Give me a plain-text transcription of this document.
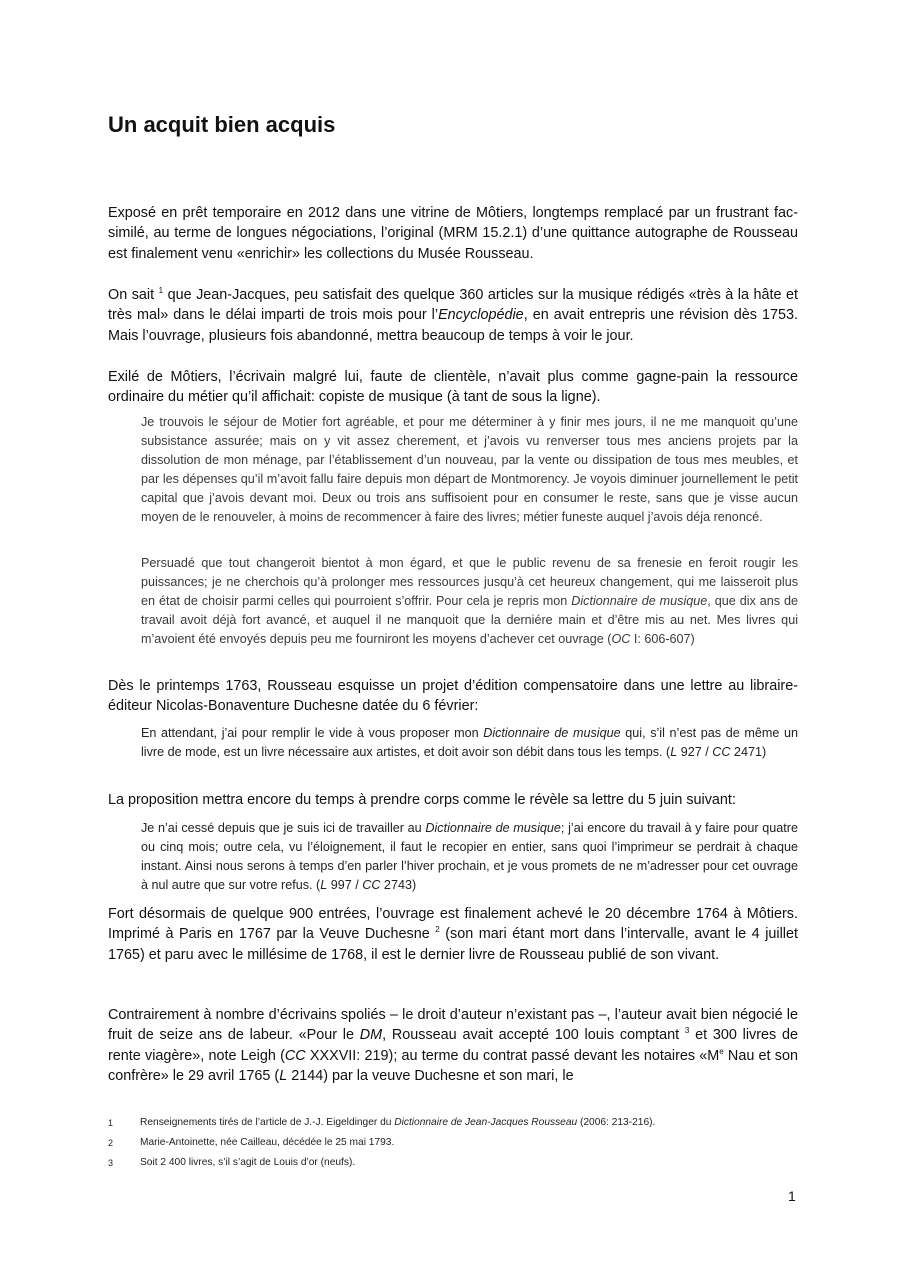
Un acquit bien acquis

Exposé en prêt temporaire en 2012 dans une vitrine de Môtiers, longtemps remplacé par un frustrant fac-similé, au terme de longues négociations, l’original (MRM 15.2.1) d’une quittance autographe de Rousseau est finalement venu «enrichir» les collections du Musée Rousseau.

On sait $^1$ que Jean-Jacques, peu satisfait des quelque 360 articles sur la musique rédigés «très à la hâte et très mal» dans le délai imparti de trois mois pour l’Encyclopédie, en avait entrepris une révision dès 1753. Mais l’ouvrage, plusieurs fois abandonné, mettra beaucoup de temps à voir le jour.

Exilé de Môtiers, l’écrivain malgré lui, faute de clientèle, n’avait plus comme gagne-pain la ressource ordinaire du métier qu’il affichait: copiste de musique (à tant de sous la ligne).

Je trouvois le séjour de Motier fort agréable, et pour me déterminer à y finir mes jours, il ne me manquoit qu’une subsistance assurée; mais on y vit assez cherement, et j’avois vu renverser tous mes anciens projets par la dissolution de mon ménage, par l’établissement d’un nouveau, par la vente ou dissipation de tous mes meubles, et par les dépenses qu’il m’avoit fallu faire depuis mon départ de Montmorency. Je voyois diminuer journellement le petit capital que j’avois devant moi. Deux ou trois ans suffisoient pour en consumer le reste, sans que je visse aucun moyen de le renouveler, à moins de recommencer à faire des livres; métier funeste auquel j’avois déja renoncé.

Persuadé que tout changeroit bientot à mon égard, et que le public revenu de sa frenesie en feroit rougir les puissances; je ne cherchois qu’à prolonger mes ressources jusqu’à cet heureux changement, qui me laisseroit plus en état de choisir parmi celles qui pourroient s’offrir. Pour cela je repris mon Dictionnaire de musique, que dix ans de travail avoit déjà fort avancé, et auquel il ne manquoit que la derniére main et d’être mis au net. Mes livres qui m’avoient été envoyés depuis peu me fourniront les moyens d’achever cet ouvrage (OC I: 606-607)

Dès le printemps 1763, Rousseau esquisse un projet d’édition compensatoire dans une lettre au libraire-éditeur Nicolas-Bonaventure Duchesne datée du 6 février:

En attendant, j’ai pour remplir le vide à vous proposer mon Dictionnaire de musique qui, s’il n’est pas de même un livre de mode, est un livre nécessaire aux artistes, et doit avoir son débit dans tous les temps. (L 927 / CC 2471)

La proposition mettra encore du temps à prendre corps comme le révèle sa lettre du 5 juin suivant:

Je n’ai cessé depuis que je suis ici de travailler au Dictionnaire de musique; j’ai encore du travail à y faire pour quatre ou cinq mois; outre cela, vu l’éloignement, il faut le recopier en entier, sans quoi l’imprimeur se perdrait à chaque instant. Ainsi nous serons à temps d’en parler l’hiver prochain, et je vous promets de ne m’adresser pour cet ouvrage à nul autre que sur votre refus. (L 997 / CC 2743)

Fort désormais de quelque 900 entrées, l’ouvrage est finalement achevé le 20 décembre 1764 à Môtiers. Imprimé à Paris en 1767 par la Veuve Duchesne $^2$ (son mari étant mort dans l’intervalle, avant le 4 juillet 1765) et paru avec le millésime de 1768, il est le dernier livre de Rousseau publié de son vivant.

Contrairement à nombre d’écrivains spoliés – le droit d’auteur n’existant pas –, l’auteur avait bien négocié le fruit de seize ans de labeur. «Pour le DM, Rousseau avait accepté 100 louis comptant $^3$ et 300 livres de rente viagère», note Leigh (CC XXXVII: 219); au terme du contrat passé devant les notaires «Me Nau et son confrère» le 29 avril 1765 (L 2144) par la veuve Duchesne et son mari, le

1	Renseignements tirés de l’article de J.-J. Eigeldinger du Dictionnaire de Jean-Jacques Rousseau (2006: 213-216).

2	Marie-Antoinette, née Cailleau, décédée le 25 mai 1793.

3	Soit 2 400 livres, s’il s’agit de Louis d’or (neufs).

1
